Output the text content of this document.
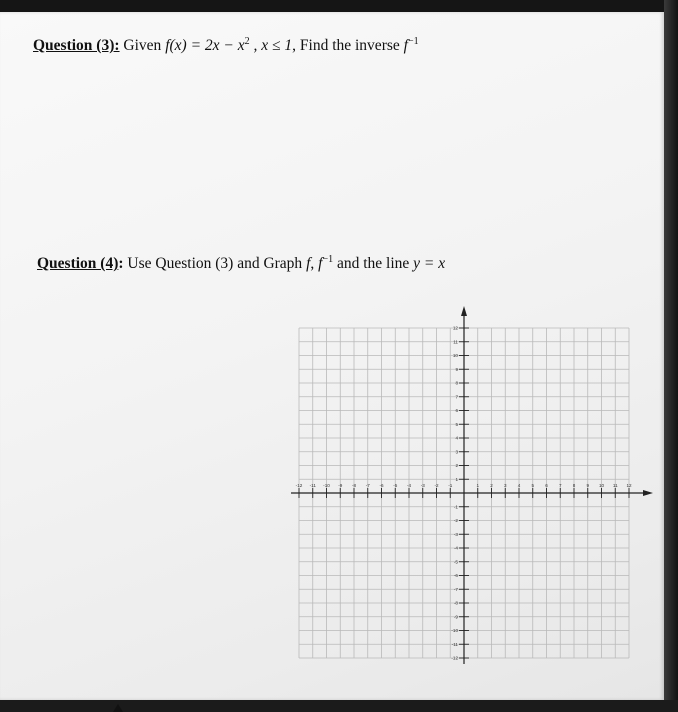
Question (3): Given $f(x) = 2x - x^2$ , x ≤ 1, Find the inverse $f^{-1}$
Question (4): Use Question (3) and Graph f, $f^{-1}$ and the line y = x
-12 -11 -10 -9 -8 -7 -6 -5 -4 -3 -2 -1	1 2 3 4 5 6 7 8 9 10 11 12
12
11
10
9
8
7
6
5
4
3
2
1
-1
-2
-3
-4
-5
-6
-7
-8
-9
-10
-11
-12
